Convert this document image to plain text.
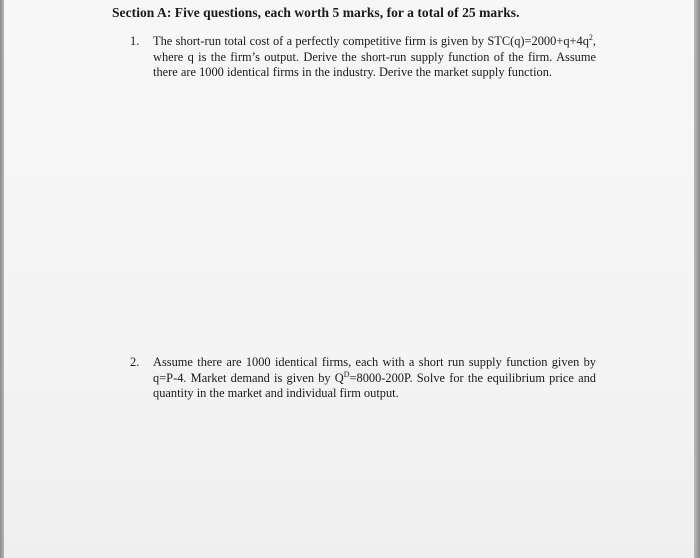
Section A: Five questions, each worth 5 marks, for a total of 25 marks.
1. The short-run total cost of a perfectly competitive firm is given by $STC(q)=2000+q+4q^2$, where q is the firm’s output. Derive the short-run supply function of the firm. Assume there are 1000 identical firms in the industry. Derive the market supply function.
2. Assume there are 1000 identical firms, each with a short run supply function given by q=P-4. Market demand is given by $Q^D=8000-200P$. Solve for the equilibrium price and quantity in the market and individual firm output.
